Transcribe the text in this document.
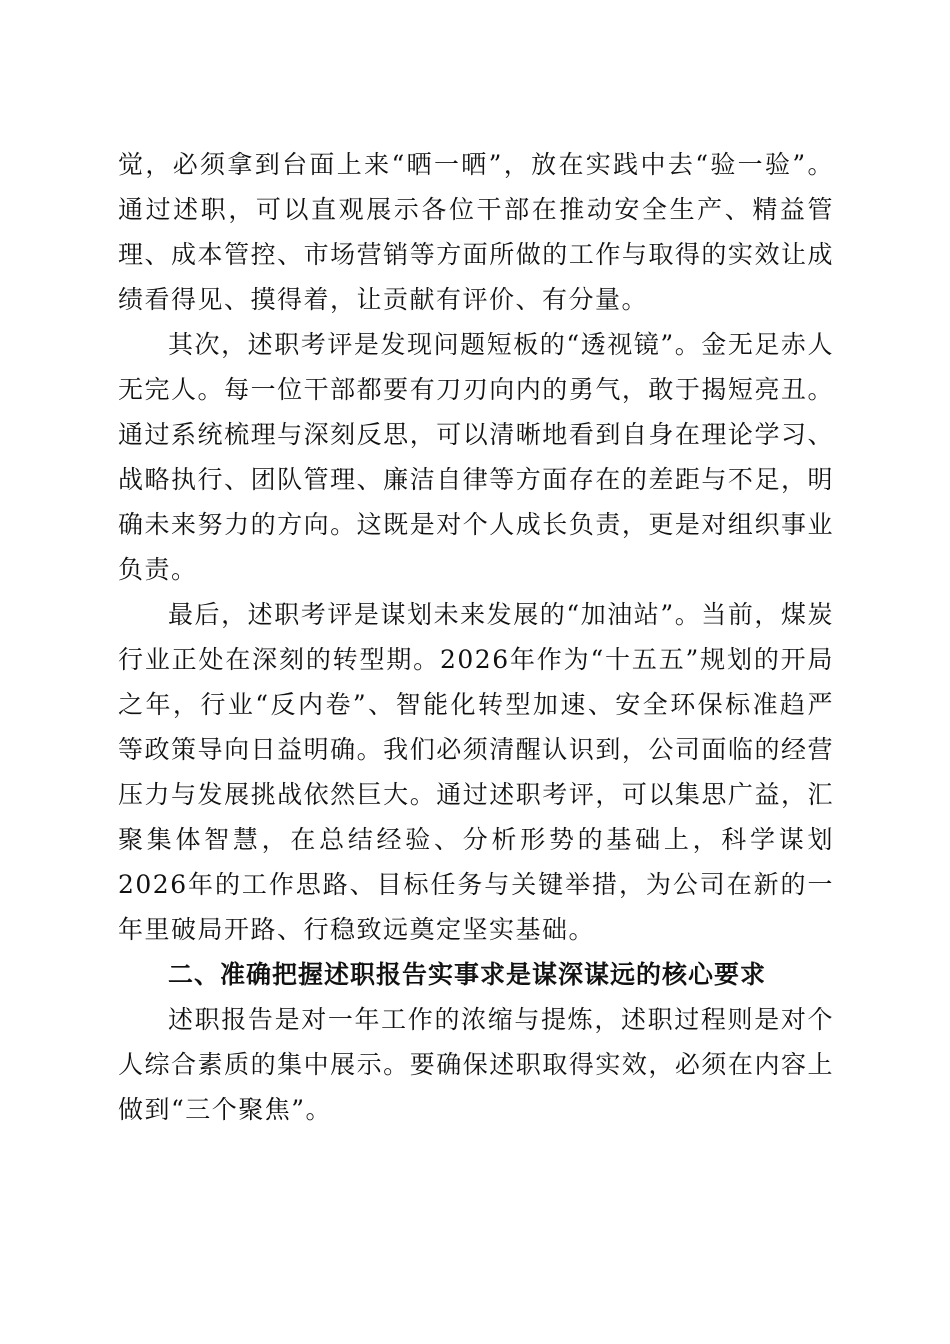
觉，必须拿到台面上来“晒一晒”，放在实践中去“验一验”。通过述职，可以直观展示各位干部在推动安全生产、精益管理、成本管控、市场营销等方面所做的工作与取得的实效让成绩看得见、摸得着，让贡献有评价、有分量。

其次，述职考评是发现问题短板的“透视镜”。金无足赤人无完人。每一位干部都要有刀刃向内的勇气，敢于揭短亮丑。通过系统梳理与深刻反思，可以清晰地看到自身在理论学习、战略执行、团队管理、廉洁自律等方面存在的差距与不足，明确未来努力的方向。这既是对个人成长负责，更是对组织事业负责。

最后，述职考评是谋划未来发展的“加油站”。当前，煤炭行业正处在深刻的转型期。2026年作为“十五五”规划的开局之年，行业“反内卷”、智能化转型加速、安全环保标准趋严等政策导向日益明确。我们必须清醒认识到，公司面临的经营压力与发展挑战依然巨大。通过述职考评，可以集思广益，汇聚集体智慧，在总结经验、分析形势的基础上，科学谋划2026年的工作思路、目标任务与关键举措，为公司在新的一年里破局开路、行稳致远奠定坚实基础。

二、准确把握述职报告实事求是谋深谋远的核心要求

述职报告是对一年工作的浓缩与提炼，述职过程则是对个人综合素质的集中展示。要确保述职取得实效，必须在内容上做到“三个聚焦”。
